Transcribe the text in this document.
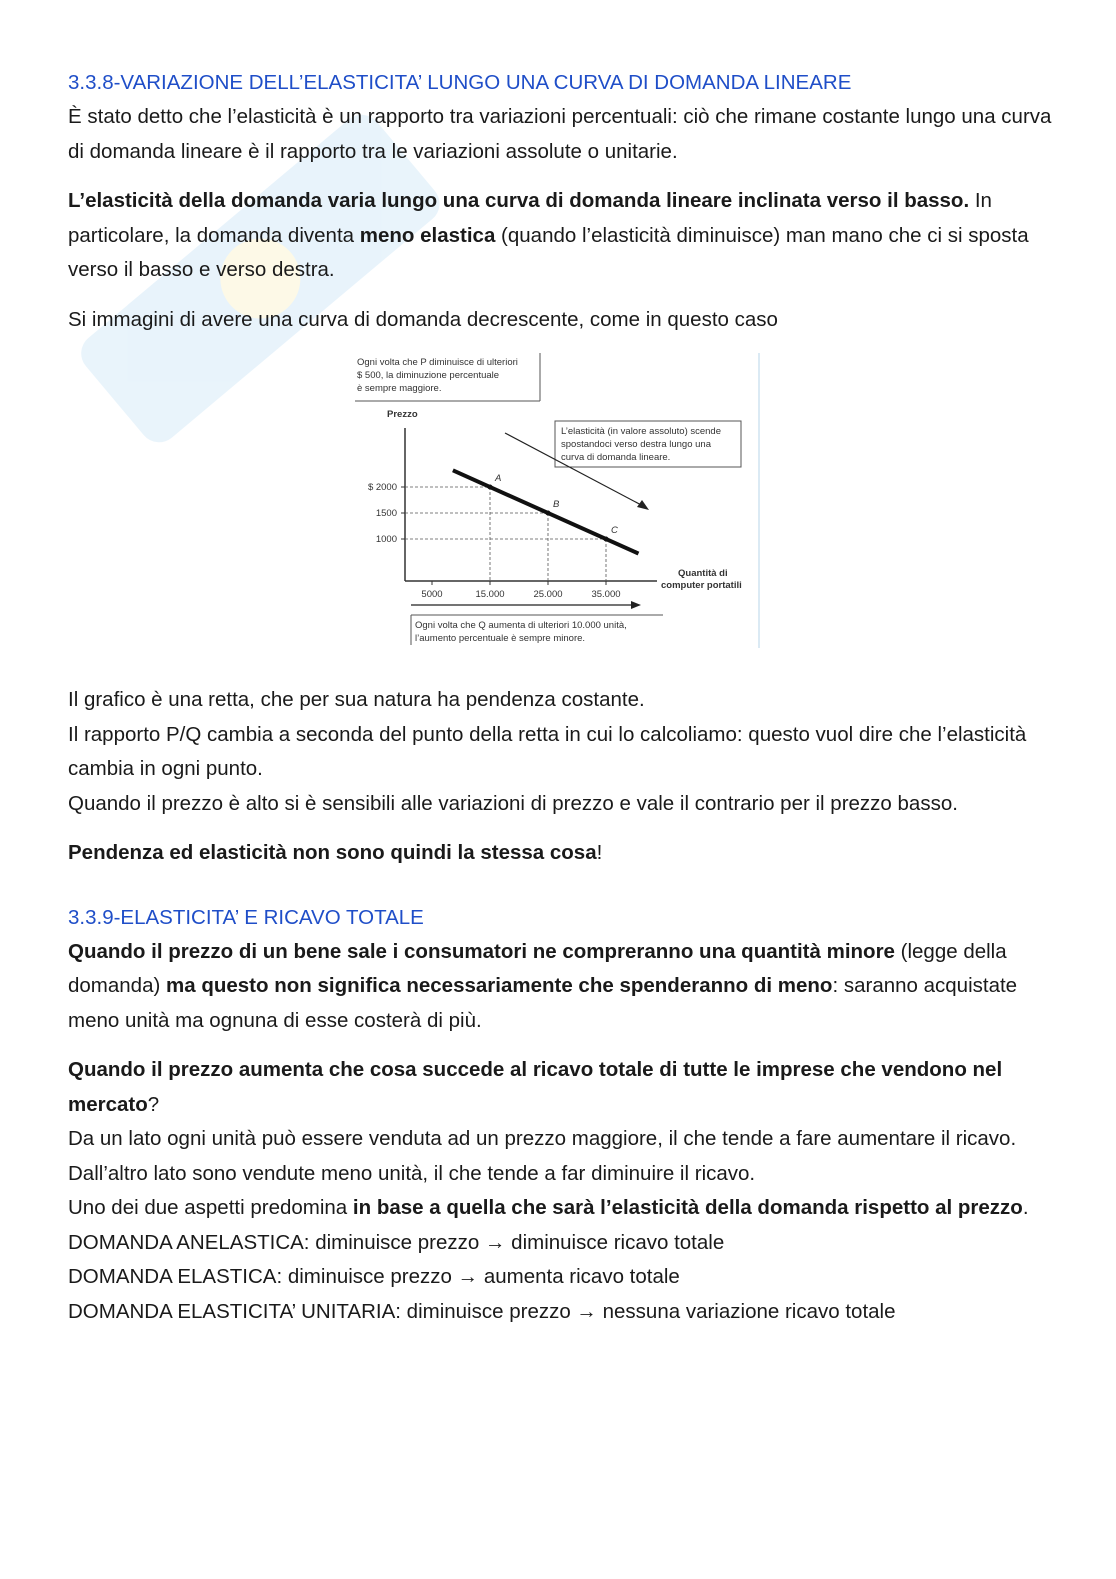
3.3.8-VARIAZIONE DELL’ELASTICITA’ LUNGO UNA CURVA DI DOMANDA LINEARE

È stato detto che l’elasticità è un rapporto tra variazioni percentuali: ciò che rimane costante lungo una curva di domanda lineare è il rapporto tra le variazioni assolute o unitarie.

L’elasticità della domanda varia lungo una curva di domanda lineare inclinata verso il basso. In particolare, la domanda diventa meno elastica (quando l’elasticità diminuisce) man mano che ci si sposta verso il basso e verso destra.

Si immagini di avere una curva di domanda decrescente, come in questo caso

Ogni volta che P diminuisce di ulteriori
$ 500, la diminuzione percentuale
è sempre maggiore.
Prezzo
$ 2000
1500
1000
5000	15.000	25.000	35.000
A
B
C
L’elasticità (in valore assoluto) scende
spostandoci verso destra lungo una
curva di domanda lineare.
Quantità di
computer portatili
Ogni volta che Q aumenta di ulteriori 10.000 unità,
l’aumento percentuale è sempre minore.

Il grafico è una retta, che per sua natura ha pendenza costante.

Il rapporto P/Q cambia a seconda del punto della retta in cui lo calcoliamo: questo vuol dire che l’elasticità cambia in ogni punto.

Quando il prezzo è alto si è sensibili alle variazioni di prezzo e vale il contrario per il prezzo basso.

Pendenza ed elasticità non sono quindi la stessa cosa!

3.3.9-ELASTICITA’ E RICAVO TOTALE

Quando il prezzo di un bene sale i consumatori ne compreranno una quantità minore (legge della domanda) ma questo non significa necessariamente che spenderanno di meno: saranno acquistate meno unità ma ognuna di esse costerà di più.

Quando il prezzo aumenta che cosa succede al ricavo totale di tutte le imprese che vendono nel mercato?

Da un lato ogni unità può essere venduta ad un prezzo maggiore, il che tende a fare aumentare il ricavo.

Dall’altro lato sono vendute meno unità, il che tende a far diminuire il ricavo.

Uno dei due aspetti predomina in base a quella che sarà l’elasticità della domanda rispetto al prezzo.

DOMANDA ANELASTICA: diminuisce prezzo → diminuisce ricavo totale

DOMANDA ELASTICA: diminuisce prezzo → aumenta ricavo totale

DOMANDA ELASTICITA’ UNITARIA: diminuisce prezzo → nessuna variazione ricavo totale
